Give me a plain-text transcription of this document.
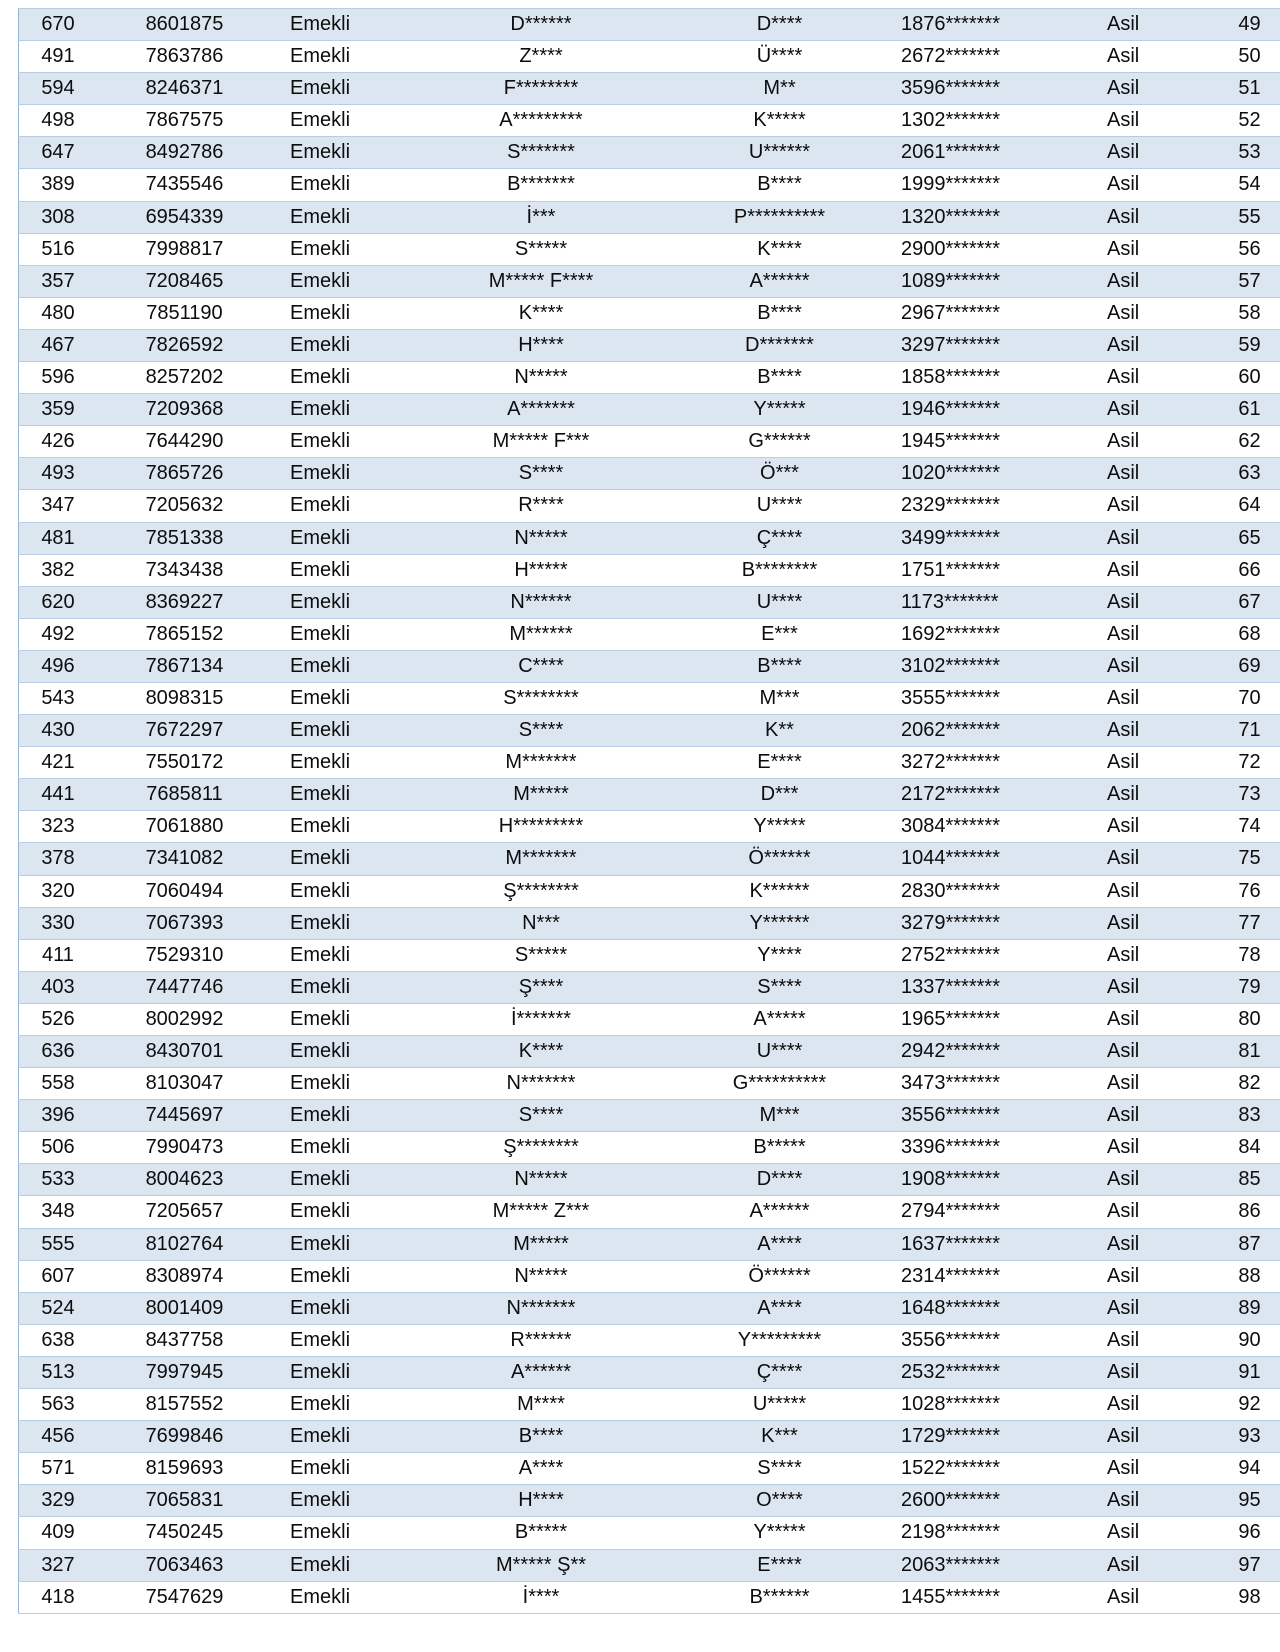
670	8601875	Emekli	D******	D****	1876*******	Asil	49
491	7863786	Emekli	Z****	Ü****	2672*******	Asil	50
594	8246371	Emekli	F********	M**	3596*******	Asil	51
498	7867575	Emekli	A*********	K*****	1302*******	Asil	52
647	8492786	Emekli	S*******	U******	2061*******	Asil	53
389	7435546	Emekli	B*******	B****	1999*******	Asil	54
308	6954339	Emekli	İ***	P**********	1320*******	Asil	55
516	7998817	Emekli	S*****	K****	2900*******	Asil	56
357	7208465	Emekli	M***** F****	A******	1089*******	Asil	57
480	7851190	Emekli	K****	B****	2967*******	Asil	58
467	7826592	Emekli	H****	D*******	3297*******	Asil	59
596	8257202	Emekli	N*****	B****	1858*******	Asil	60
359	7209368	Emekli	A*******	Y*****	1946*******	Asil	61
426	7644290	Emekli	M***** F***	G******	1945*******	Asil	62
493	7865726	Emekli	S****	Ö***	1020*******	Asil	63
347	7205632	Emekli	R****	U****	2329*******	Asil	64
481	7851338	Emekli	N*****	Ç****	3499*******	Asil	65
382	7343438	Emekli	H*****	B********	1751*******	Asil	66
620	8369227	Emekli	N******	U****	1173*******	Asil	67
492	7865152	Emekli	M******	E***	1692*******	Asil	68
496	7867134	Emekli	C****	B****	3102*******	Asil	69
543	8098315	Emekli	S********	M***	3555*******	Asil	70
430	7672297	Emekli	S****	K**	2062*******	Asil	71
421	7550172	Emekli	M*******	E****	3272*******	Asil	72
441	7685811	Emekli	M*****	D***	2172*******	Asil	73
323	7061880	Emekli	H*********	Y*****	3084*******	Asil	74
378	7341082	Emekli	M*******	Ö******	1044*******	Asil	75
320	7060494	Emekli	Ş********	K******	2830*******	Asil	76
330	7067393	Emekli	N***	Y******	3279*******	Asil	77
411	7529310	Emekli	S*****	Y****	2752*******	Asil	78
403	7447746	Emekli	Ş****	S****	1337*******	Asil	79
526	8002992	Emekli	İ*******	A*****	1965*******	Asil	80
636	8430701	Emekli	K****	U****	2942*******	Asil	81
558	8103047	Emekli	N*******	G**********	3473*******	Asil	82
396	7445697	Emekli	S****	M***	3556*******	Asil	83
506	7990473	Emekli	Ş********	B*****	3396*******	Asil	84
533	8004623	Emekli	N*****	D****	1908*******	Asil	85
348	7205657	Emekli	M***** Z***	A******	2794*******	Asil	86
555	8102764	Emekli	M*****	A****	1637*******	Asil	87
607	8308974	Emekli	N*****	Ö******	2314*******	Asil	88
524	8001409	Emekli	N*******	A****	1648*******	Asil	89
638	8437758	Emekli	R******	Y*********	3556*******	Asil	90
513	7997945	Emekli	A******	Ç****	2532*******	Asil	91
563	8157552	Emekli	M****	U*****	1028*******	Asil	92
456	7699846	Emekli	B****	K***	1729*******	Asil	93
571	8159693	Emekli	A****	S****	1522*******	Asil	94
329	7065831	Emekli	H****	O****	2600*******	Asil	95
409	7450245	Emekli	B*****	Y*****	2198*******	Asil	96
327	7063463	Emekli	M***** Ş**	E****	2063*******	Asil	97
418	7547629	Emekli	İ****	B******	1455*******	Asil	98
